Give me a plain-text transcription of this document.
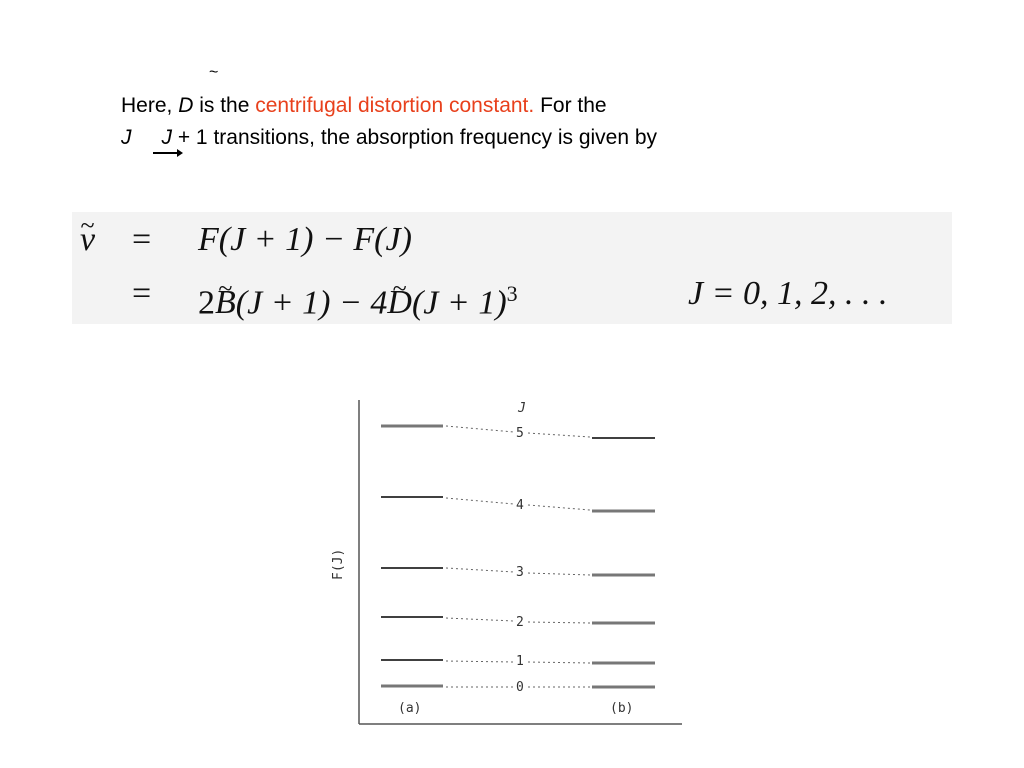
~
Here, D is the centrifugal distortion constant. For the
J J + 1 transitions, the absorption frequency is given by
~ ν = F(J + 1) − F(J)
= 2~ B(J + 1) − 4~ $D(J + 1)^3$	J = 0, 1, 2, . . .
F(J)
J
5
4
3
2
1
0
(a)	(b)
